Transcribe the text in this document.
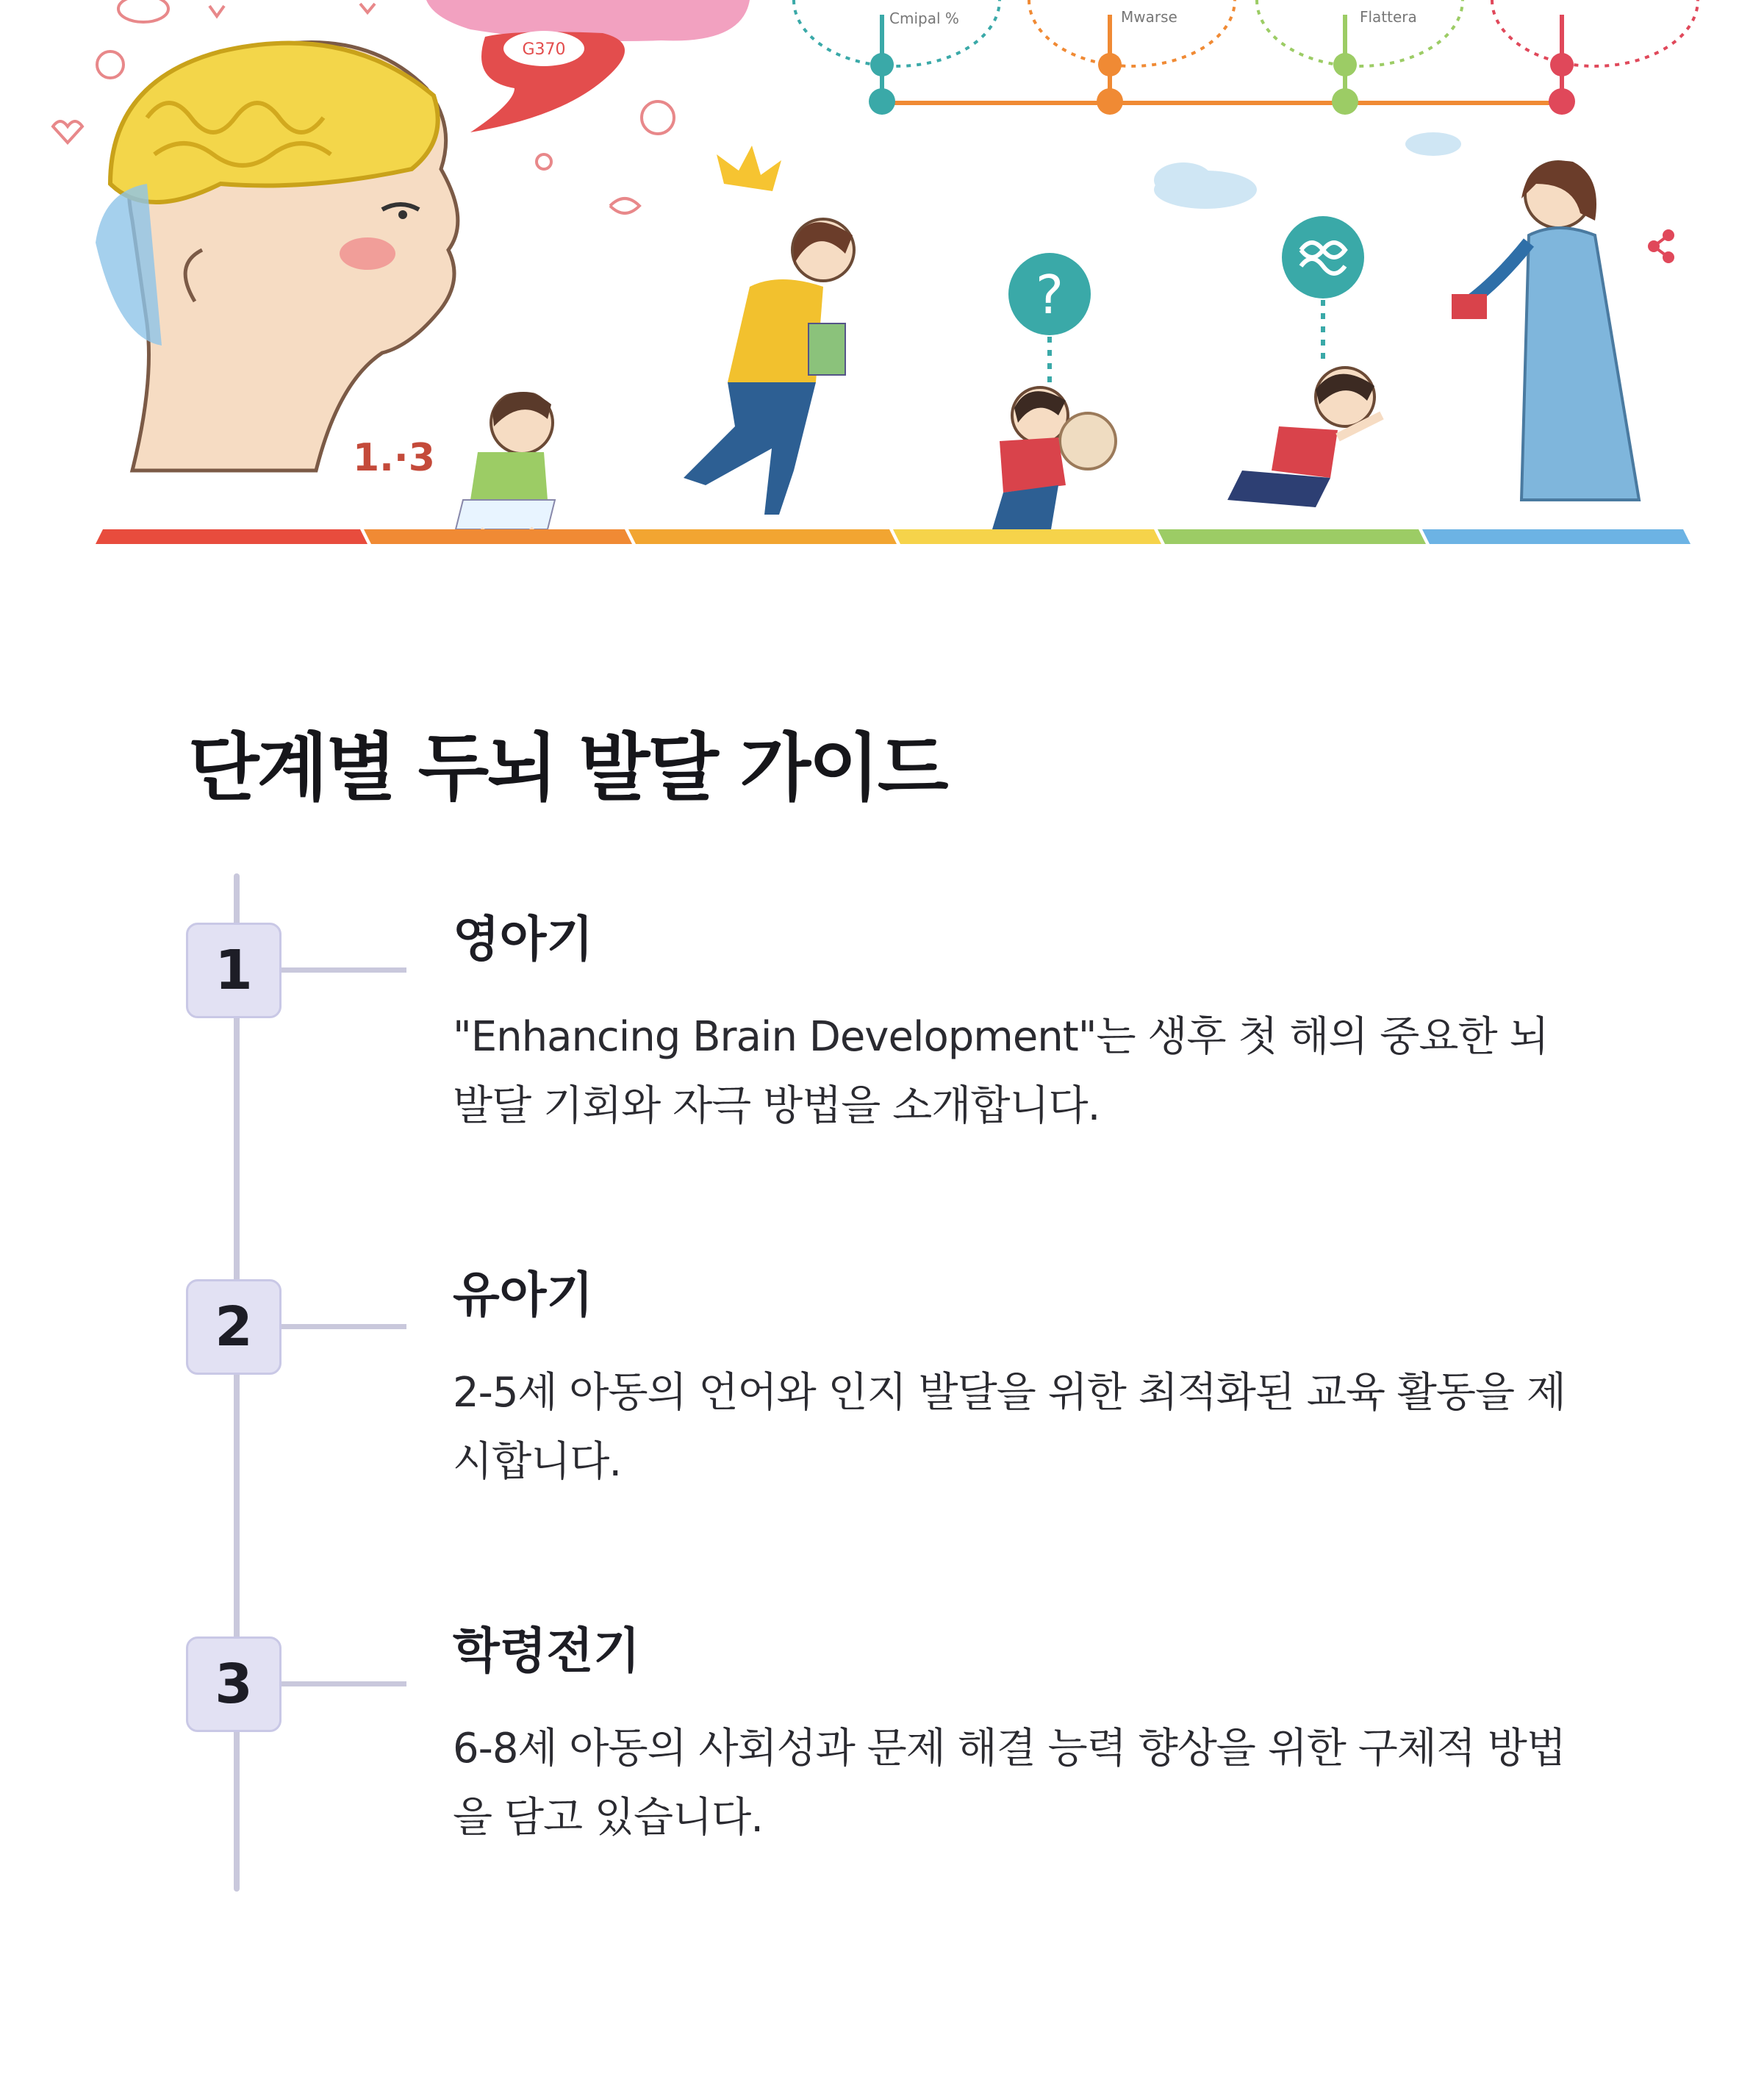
G370
1.·3
Cmipal %	Mwarse	Flattera
?
단계별 두뇌 발달 가이드
1	영아기

"Enhancing Brain Development"는 생후 첫 해의 중요한 뇌 발달 기회와 자극 방법을 소개합니다.

2
유아기

2-5세 아동의 언어와 인지 발달을 위한 최적화된 교육 활동을 제시합니다.

3
학령전기

6-8세 아동의 사회성과 문제 해결 능력 향상을 위한 구체적 방법을 담고 있습니다.
